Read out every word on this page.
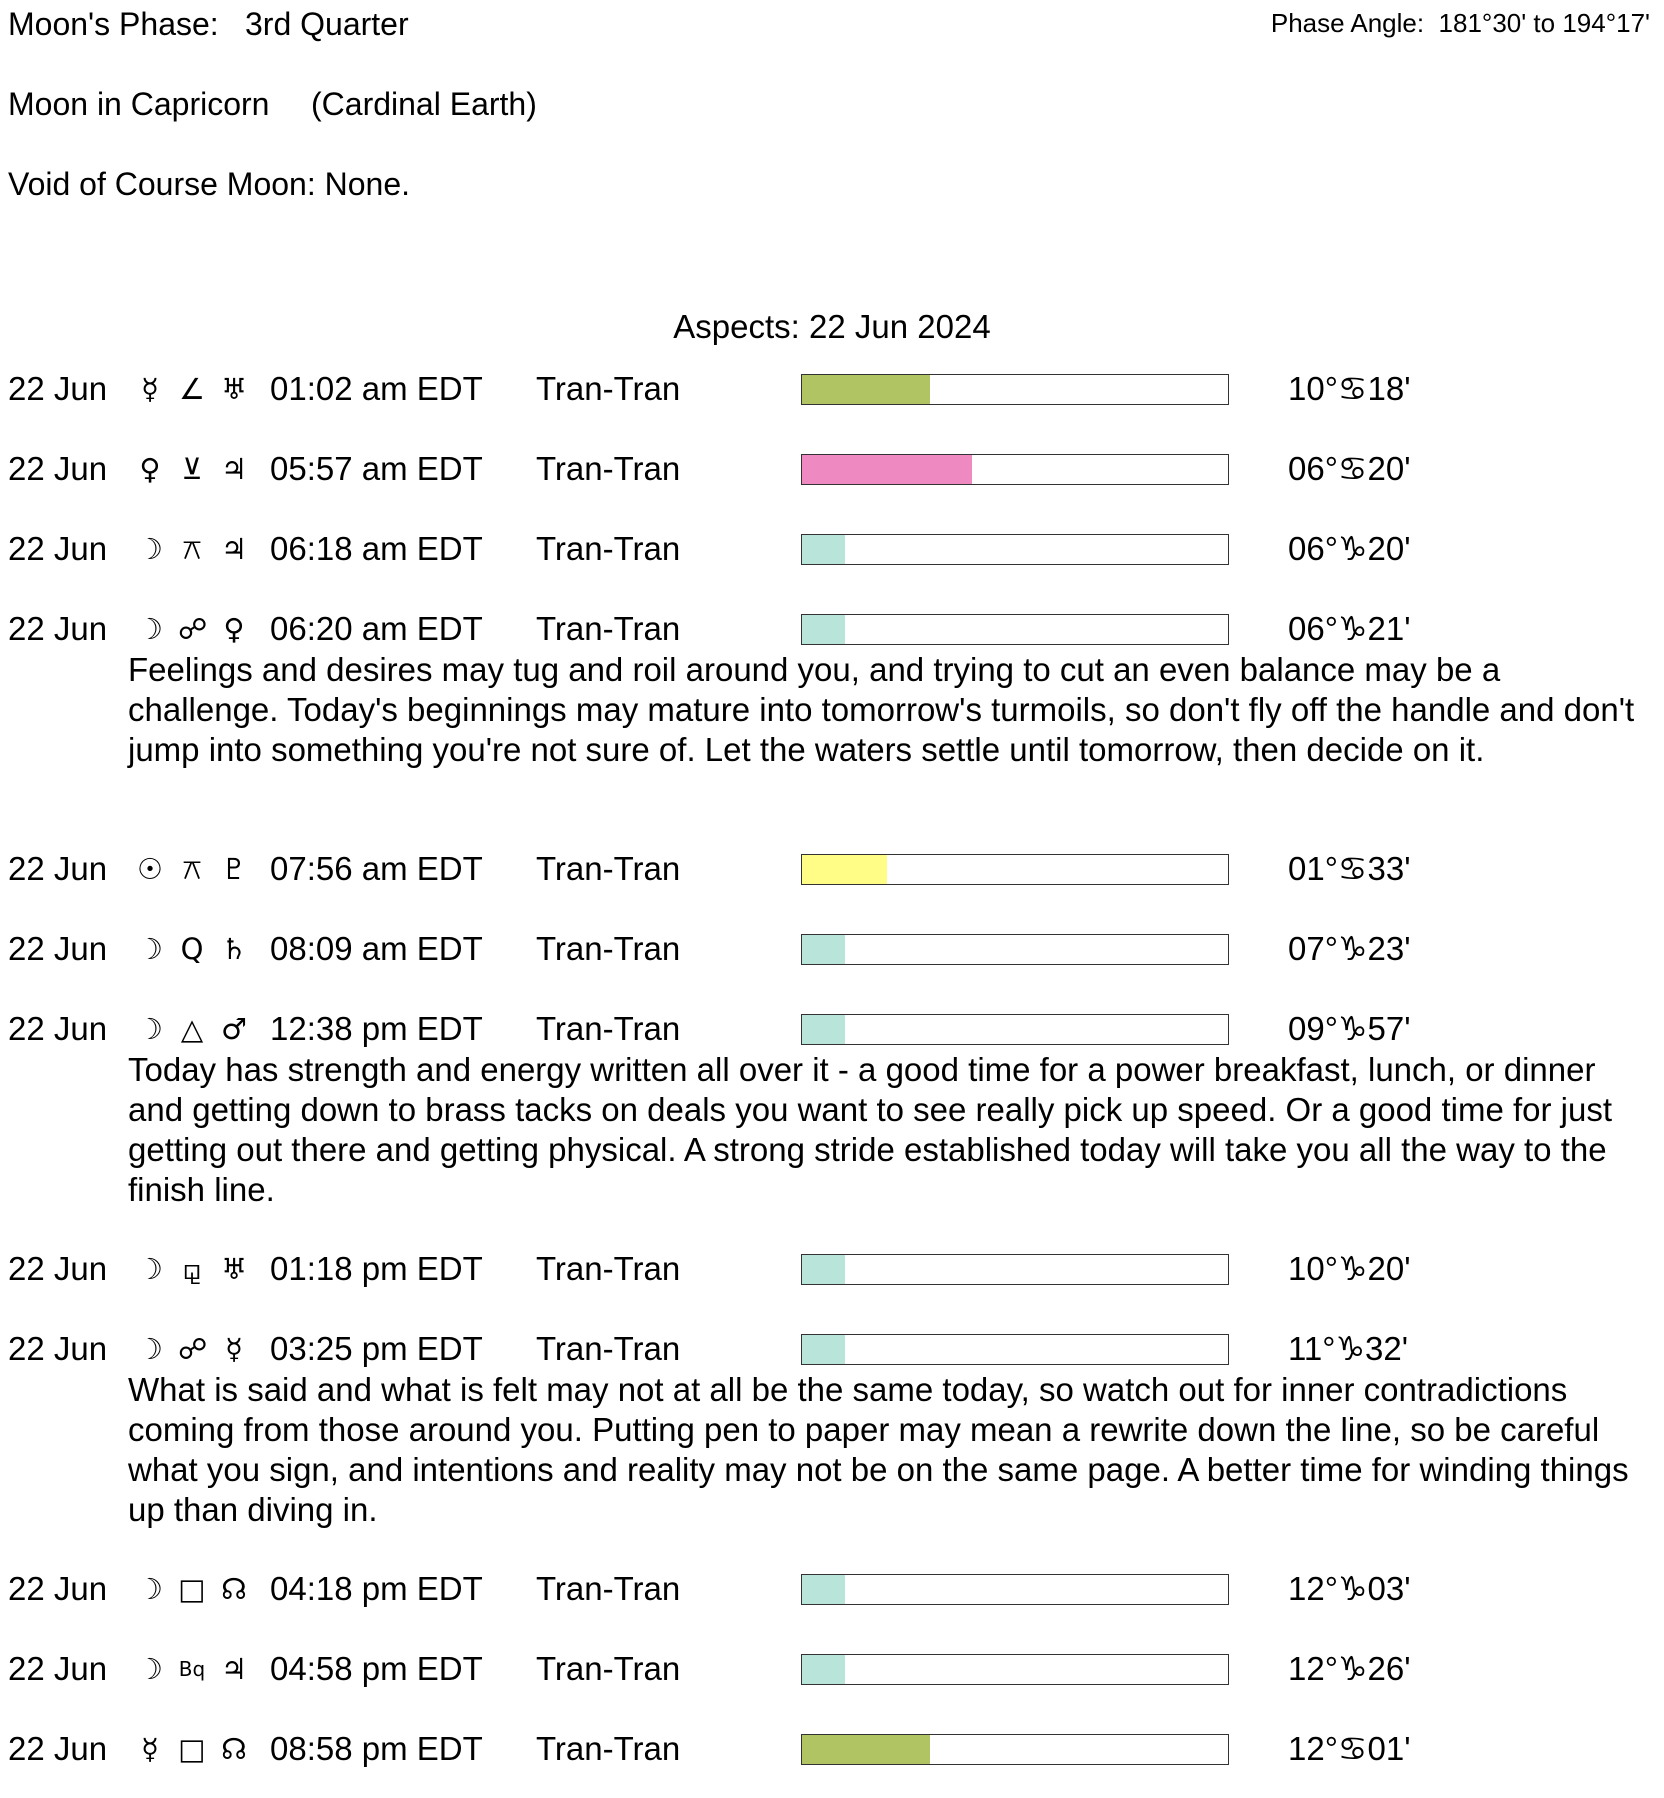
Moon's Phase: 3rd Quarter	Phase Angle: 181°30' to 194°17'
Moon in Capricorn (Cardinal Earth)
Void of Course Moon: None.
Aspects: 22 Jun 2024
22 Jun ☿ ∠ ♅ 01:02 am EDT Tran-Tran	10°♋18'
22 Jun ♀ ⊻ ♃ 05:57 am EDT Tran-Tran	06°♋20'
22 Jun ☽ ⚻ ♃ 06:18 am EDT Tran-Tran	06°♑20'
22 Jun ☽ ☍ ♀ 06:20 am EDT Tran-Tran	06°♑21'

Feelings and desires may tug and roil around you, and trying to cut an even balance may be a challenge. Today's beginnings may mature into tomorrow's turmoils, so don't fly off the handle and don't jump into something you're not sure of. Let the waters settle until tomorrow, then decide on it.

22 Jun ☉ ⚻ ♇ 07:56 am EDT Tran-Tran	01°♋33'
22 Jun ☽ Q ♄ 08:09 am EDT Tran-Tran	07°♑23'
22 Jun ☽ △ ♂ 12:38 pm EDT Tran-Tran	09°♑57'

Today has strength and energy written all over it - a good time for a power breakfast, lunch, or dinner and getting down to brass tacks on deals you want to see really pick up speed. Or a good time for just getting out there and getting physical. A strong stride established today will take you all the way to the finish line.

22 Jun ☽ ⚼ ♅ 01:18 pm EDT Tran-Tran	10°♑20'
22 Jun ☽ ☍ ☿ 03:25 pm EDT Tran-Tran	11°♑32'

What is said and what is felt may not at all be the same today, so watch out for inner contradictions coming from those around you. Putting pen to paper may mean a rewrite down the line, so be careful what you sign, and intentions and reality may not be on the same page. A better time for winding things up than diving in.

22 Jun ☽ □ ☊ 04:18 pm EDT Tran-Tran	12°♑03'
22 Jun ☽ Bq ♃ 04:58 pm EDT Tran-Tran	12°♑26'
22 Jun ☿ □ ☊ 08:58 pm EDT Tran-Tran	12°♋01'
